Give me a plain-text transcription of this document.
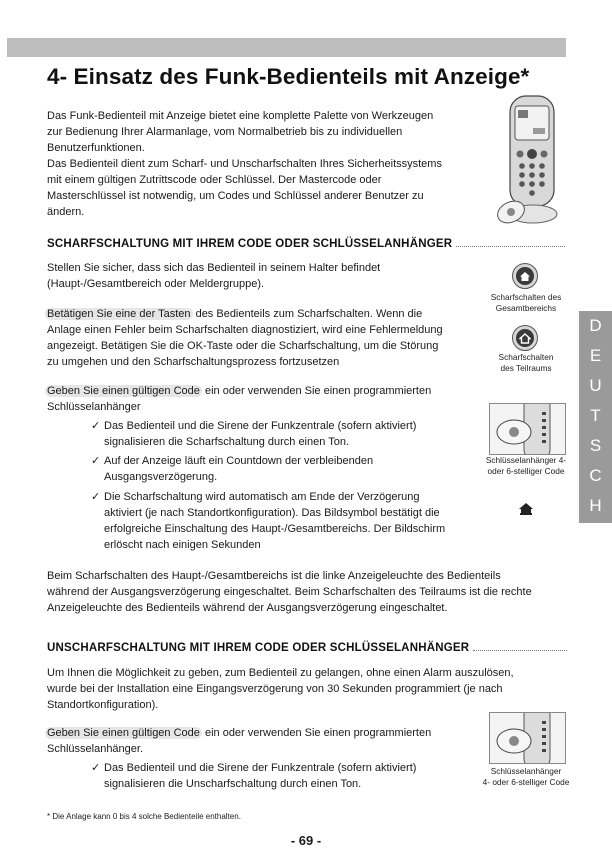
4- Einsatz des Funk-Bedienteils mit Anzeige*

Das Funk-Bedienteil mit Anzeige bietet eine komplette Palette von Werkzeugen

zur Bedienung Ihrer Alarmanlage, vom Normalbetrieb bis zu individuellen

Benutzerfunktionen.

Das Bedienteil dient zum Scharf- und Unscharfschalten Ihres Sicherheitssystems

mit einem gültigen Zutrittscode oder Schlüssel. Der Mastercode oder

Masterschlüssel ist notwendig, um Codes und Schlüssel anderer Benutzer zu

ändern.

SCHARFSCHALTUNG MIT IHREM CODE ODER SCHLÜSSELANHÄNGER

Stellen Sie sicher, dass sich das Bedienteil in seinem Halter befindet

(Haupt-/Gesamtbereich oder Meldergruppe).

Betätigen Sie eine der Tasten des Bedienteils zum Scharfschalten. Wenn die

Anlage einen Fehler beim Scharfschalten diagnostiziert, wird eine Fehlermeldung

angezeigt. Betätigen Sie die OK-Taste oder die Scharfschaltung, um die Störung

zu umgehen und den Scharfschaltungsprozess fortzusetzen

Geben Sie einen gültigen Code ein oder verwenden Sie einen programmierten

Schlüsselanhänger

✓ Das Bedienteil und die Sirene der Funkzentrale (sofern aktiviert)
signalisieren die Scharfschaltung durch einen Ton.
✓ Auf der Anzeige läuft ein Countdown der verbleibenden
Ausgangsverzögerung.
✓ Die Scharfschaltung wird automatisch am Ende der Verzögerung
aktiviert (je nach Standortkonfiguration). Das Bildsymbol bestätigt die
erfolgreiche Einschaltung des Haupt-/Gesamtbereichs. Der Bildschirm
erlöscht nach einigen Sekunden

Beim Scharfschalten des Haupt-/Gesamtbereichs ist die linke Anzeigeleuchte des Bedienteils

während der Ausgangsverzögerung eingeschaltet. Beim Scharfschalten des Teilraums ist die rechte

Anzeigeleuchte des Bedienteils während der Ausgangsverzögerung eingeschaltet.

Scharfschalten des
Gesamtbereichs
Scharfschalten
des Teilraums
Schlüsselanhänger 4-
oder 6-stelliger Code
D
E
U
T
S
C
H
UNSCHARFSCHALTUNG MIT IHREM CODE ODER SCHLÜSSELANHÄNGER

Um Ihnen die Möglichkeit zu geben, zum Bedienteil zu gelangen, ohne einen Alarm auszulösen,

wurde bei der Installation eine Eingangsverzögerung von 30 Sekunden programmiert (je nach

Standortkonfiguration).

Geben Sie einen gültigen Code ein oder verwenden Sie einen programmierten

Schlüsselanhänger.

✓ Das Bedienteil und die Sirene der Funkzentrale (sofern aktiviert)
signalisieren die Unscharfschaltung durch einen Ton.
Schlüsselanhänger
4- oder 6-stelliger Code
* Die Anlage kann 0 bis 4 solche Bedienteile enthalten.
- 69 -
